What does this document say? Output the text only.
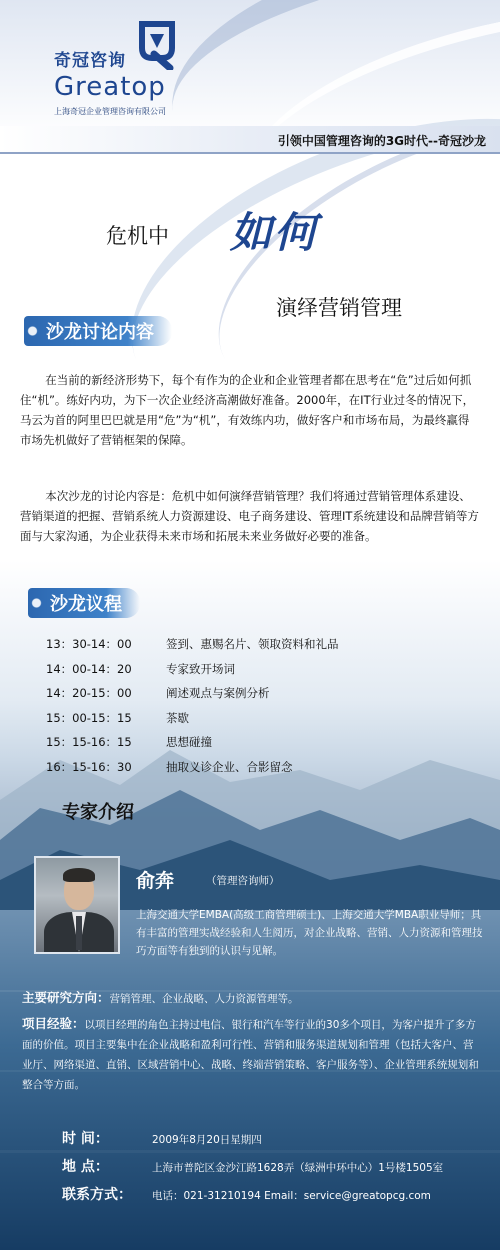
奇冠咨询
Greatop
上海奇冠企业管理咨询有限公司
引领中国管理咨询的3G时代--奇冠沙龙
危机中 如何
演绎营销管理
沙龙讨论内容

在当前的新经济形势下，每个有作为的企业和企业管理者都在思考在“危”过后如何抓住“机”。练好内功，为下一次企业经济高潮做好准备。2000年，在IT行业过冬的情况下，马云为首的阿里巴巴就是用“危”为“机”，有效练内功，做好客户和市场布局，为最终赢得市场先机做好了营销框架的保障。

本次沙龙的讨论内容是：危机中如何演绎营销管理？我们将通过营销管理体系建设、营销渠道的把握、营销系统人力资源建设、电子商务建设、管理IT系统建设和品牌营销等方面与大家沟通，为企业获得未来市场和拓展未来业务做好必要的准备。

沙龙议程
13：30-14：00	签到、惠赐名片、领取资料和礼品
14：00-14：20	专家致开场词
14：20-15：00	阐述观点与案例分析
15：00-15：15	茶歇
15：15-16：15	思想碰撞
16：15-16：30	抽取义诊企业、合影留念
专家介绍
俞奔	（管理咨询师）

上海交通大学EMBA(高级工商管理硕士)、上海交通大学MBA职业导师；具有丰富的管理实战经验和人生阅历，对企业战略、营销、人力资源和管理技巧方面等有独到的认识与见解。

主要研究方向：营销管理、企业战略、人力资源管理等。

项目经验：以项目经理的角色主持过电信、银行和汽车等行业的30多个项目，为客户提升了多方面的价值。项目主要集中在企业战略和盈利可行性、营销和服务渠道规划和管理（包括大客户、营业厅、网络渠道、直销、区域营销中心、战略、终端营销策略、客户服务等）、企业管理系统规划和整合等方面。

时 间：	2009年8月20日星期四
地 点：	上海市普陀区金沙江路1628弄（绿洲中环中心）1号楼1505室
联系方式：	电话：021-31210194 Email：service@greatopcg.com
